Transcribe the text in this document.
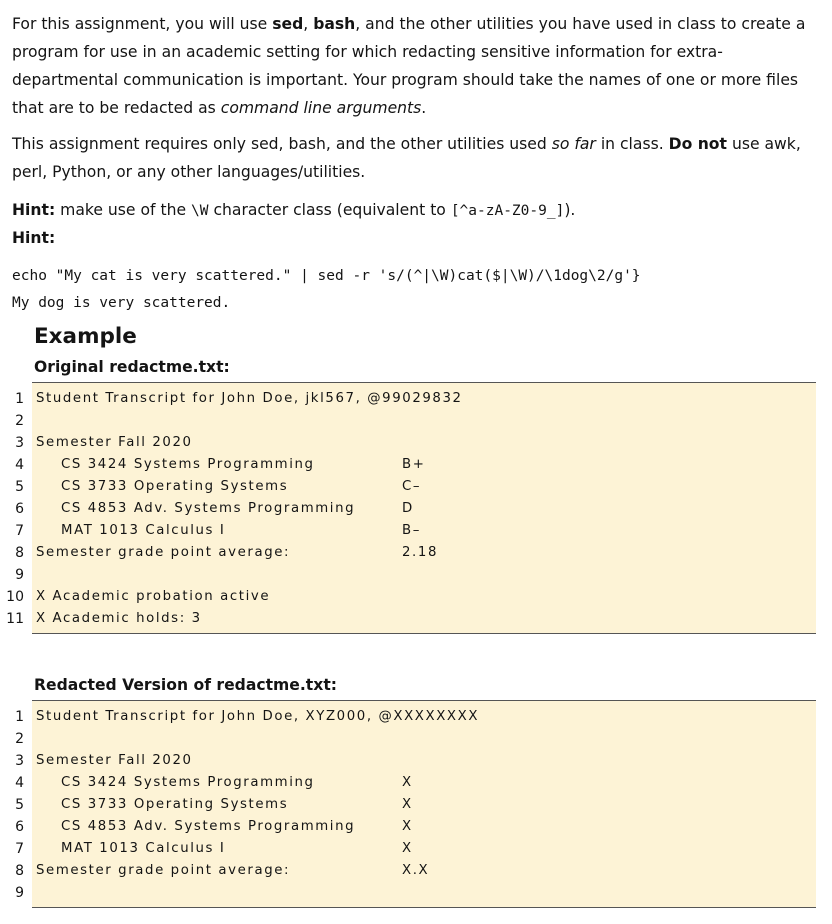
For this assignment, you will use sed, bash, and the other utilities you have used in class to create a program for use in an academic setting for which redacting sensitive information for extra-departmental communication is important. Your program should take the names of one or more files that are to be redacted as command line arguments.

This assignment requires only sed, bash, and the other utilities used so far in class. Do not use awk, perl, Python, or any other languages/utilities.

Hint: make use of the \W character class (equivalent to [^a-zA-Z0-9_]).

Hint:

echo "My cat is very scattered." | sed -r 's/(^|\W)cat($|\W)/\1dog\2/g'}
My dog is very scattered.
Example
Original redactme.txt:
1 Student Transcript for John Doe, jkl567, @99029832
2
3 Semester Fall 2020
4	CS 3424 Systems Programming	B+
5	CS 3733 Operating Systems	C–
6	CS 4853 Adv. Systems Programming	D
7	MAT 1013 Calculus I	B–
8 Semester grade point average:	2.18
9
10 X Academic probation active
11 X Academic holds: 3
Redacted Version of redactme.txt:
1 Student Transcript for John Doe, XYZ000, @XXXXXXXX
2
3 Semester Fall 2020
4	CS 3424 Systems Programming	X
5	CS 3733 Operating Systems	X
6	CS 4853 Adv. Systems Programming	X
7	MAT 1013 Calculus I	X
8 Semester grade point average:	X.X
9
